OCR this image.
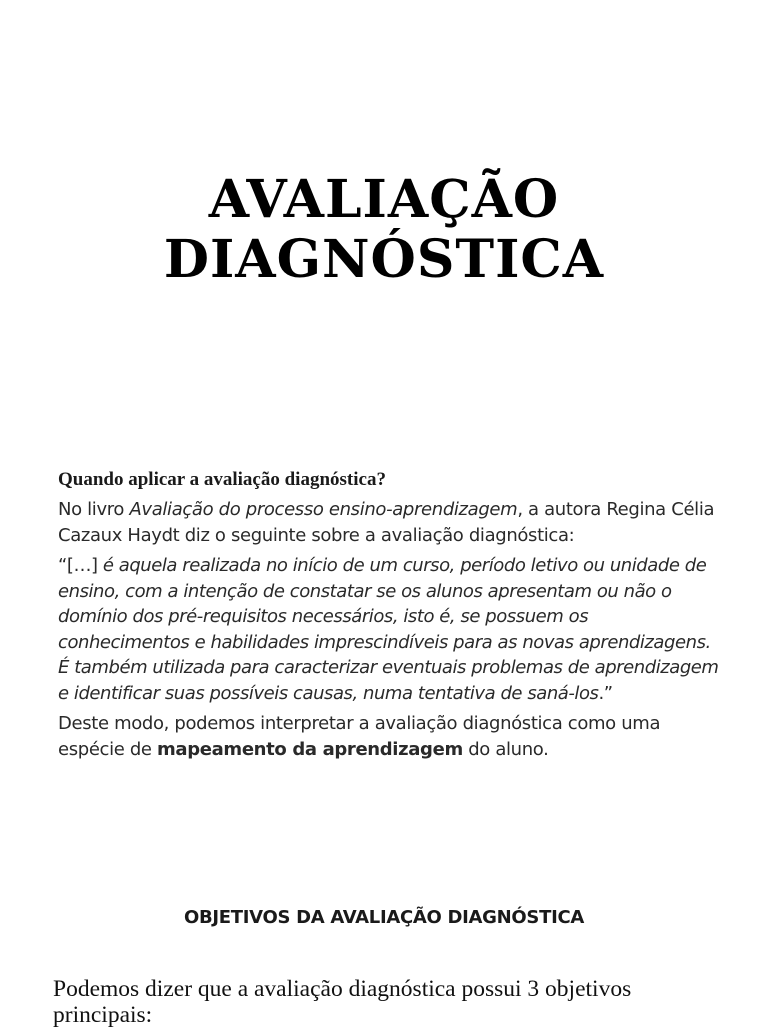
AVALIAÇÃO
DIAGNÓSTICA

Quando aplicar a avaliação diagnóstica?

No livro Avaliação do processo ensino-aprendizagem, a autora Regina Célia Cazaux Haydt diz o seguinte sobre a avaliação diagnóstica:

“[…] é aquela realizada no início de um curso, período letivo ou unidade de ensino, com a intenção de constatar se os alunos apresentam ou não o domínio dos pré-requisitos necessários, isto é, se possuem os conhecimentos e habilidades imprescindíveis para as novas aprendizagens. É também utilizada para caracterizar eventuais problemas de aprendizagem e identificar suas possíveis causas, numa tentativa de saná-los.”

Deste modo, podemos interpretar a avaliação diagnóstica como uma espécie de mapeamento da aprendizagem do aluno.

OBJETIVOS DA AVALIAÇÃO DIAGNÓSTICA

Podemos dizer que a avaliação diagnóstica possui 3 objetivos principais:
